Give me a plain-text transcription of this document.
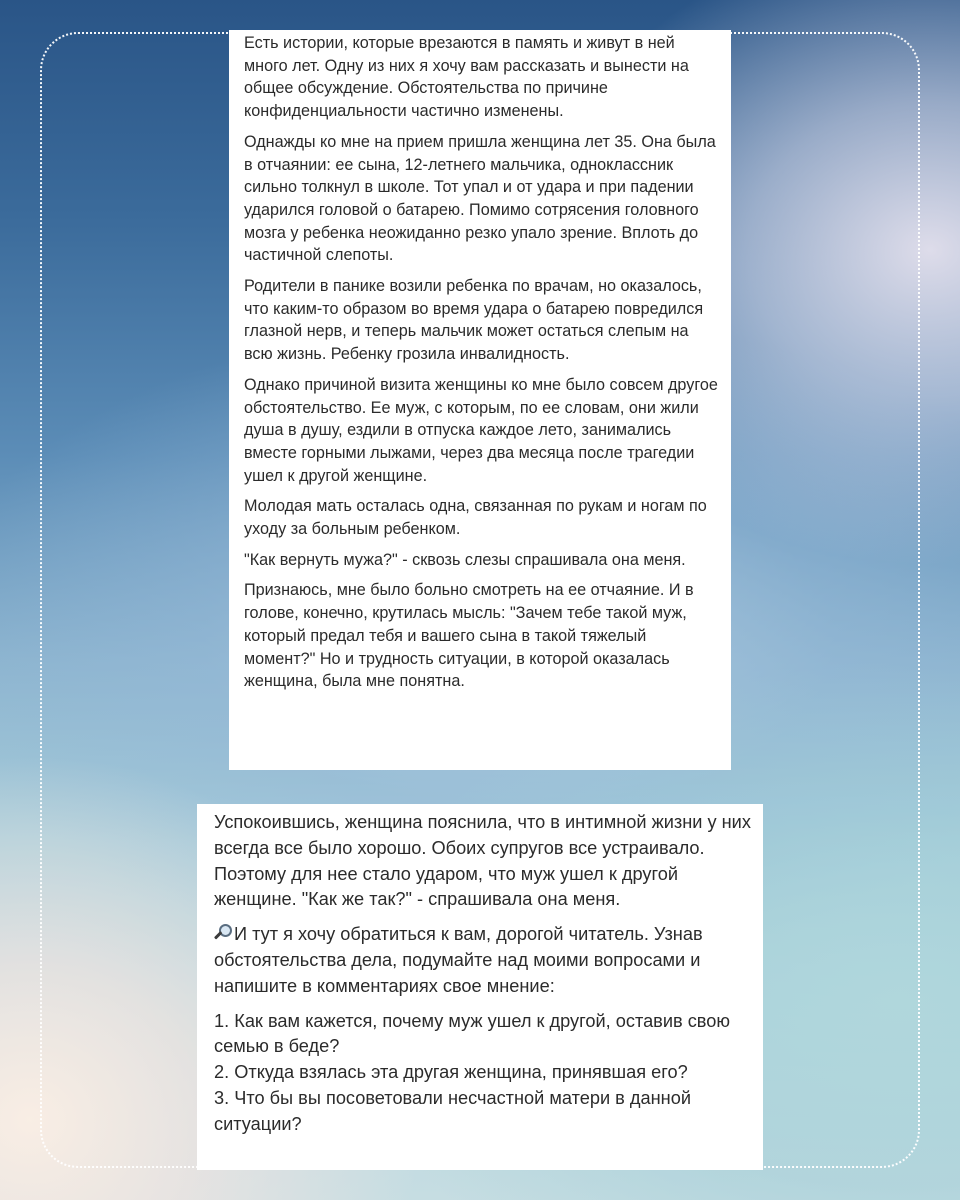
Есть истории, которые врезаются в память и живут в ней много лет. Одну из них я хочу вам рассказать и вынести на общее обсуждение. Обстоятельства по причине конфиденциальности частично изменены.

Однажды ко мне на прием пришла женщина лет 35. Она была в отчаянии: ее сына, 12-летнего мальчика, одноклассник сильно толкнул в школе. Тот упал и от удара и при падении ударился головой о батарею. Помимо сотрясения головного мозга у ребенка неожиданно резко упало зрение. Вплоть до частичной слепоты.

Родители в панике возили ребенка по врачам, но оказалось, что каким-то образом во время удара о батарею повредился глазной нерв, и теперь мальчик может остаться слепым на всю жизнь. Ребенку грозила инвалидность.

Однако причиной визита женщины ко мне было совсем другое обстоятельство. Ее муж, с которым, по ее словам, они жили душа в душу, ездили в отпуска каждое лето, занимались вместе горными лыжами, через два месяца после трагедии ушел к другой женщине.

Молодая мать осталась одна, связанная по рукам и ногам по уходу за больным ребенком.

"Как вернуть мужа?" - сквозь слезы спрашивала она меня.

Признаюсь, мне было больно смотреть на ее отчаяние. И в голове, конечно, крутилась мысль: "Зачем тебе такой муж, который предал тебя и вашего сына в такой тяжелый момент?" Но и трудность ситуации, в которой оказалась женщина, была мне понятна.

Успокоившись, женщина пояснила, что в интимной жизни у них всегда все было хорошо. Обоих супругов все устраивало. Поэтому для нее стало ударом, что муж ушел к другой женщине. "Как же так?" - спрашивала она меня.

И тут я хочу обратиться к вам, дорогой читатель. Узнав обстоятельства дела, подумайте над моими вопросами и напишите в комментариях свое мнение:

1. Как вам кажется, почему муж ушел к другой, оставив свою семью в беде?
2. Откуда взялась эта другая женщина, принявшая его?
3. Что бы вы посоветовали несчастной матери в данной ситуации?
